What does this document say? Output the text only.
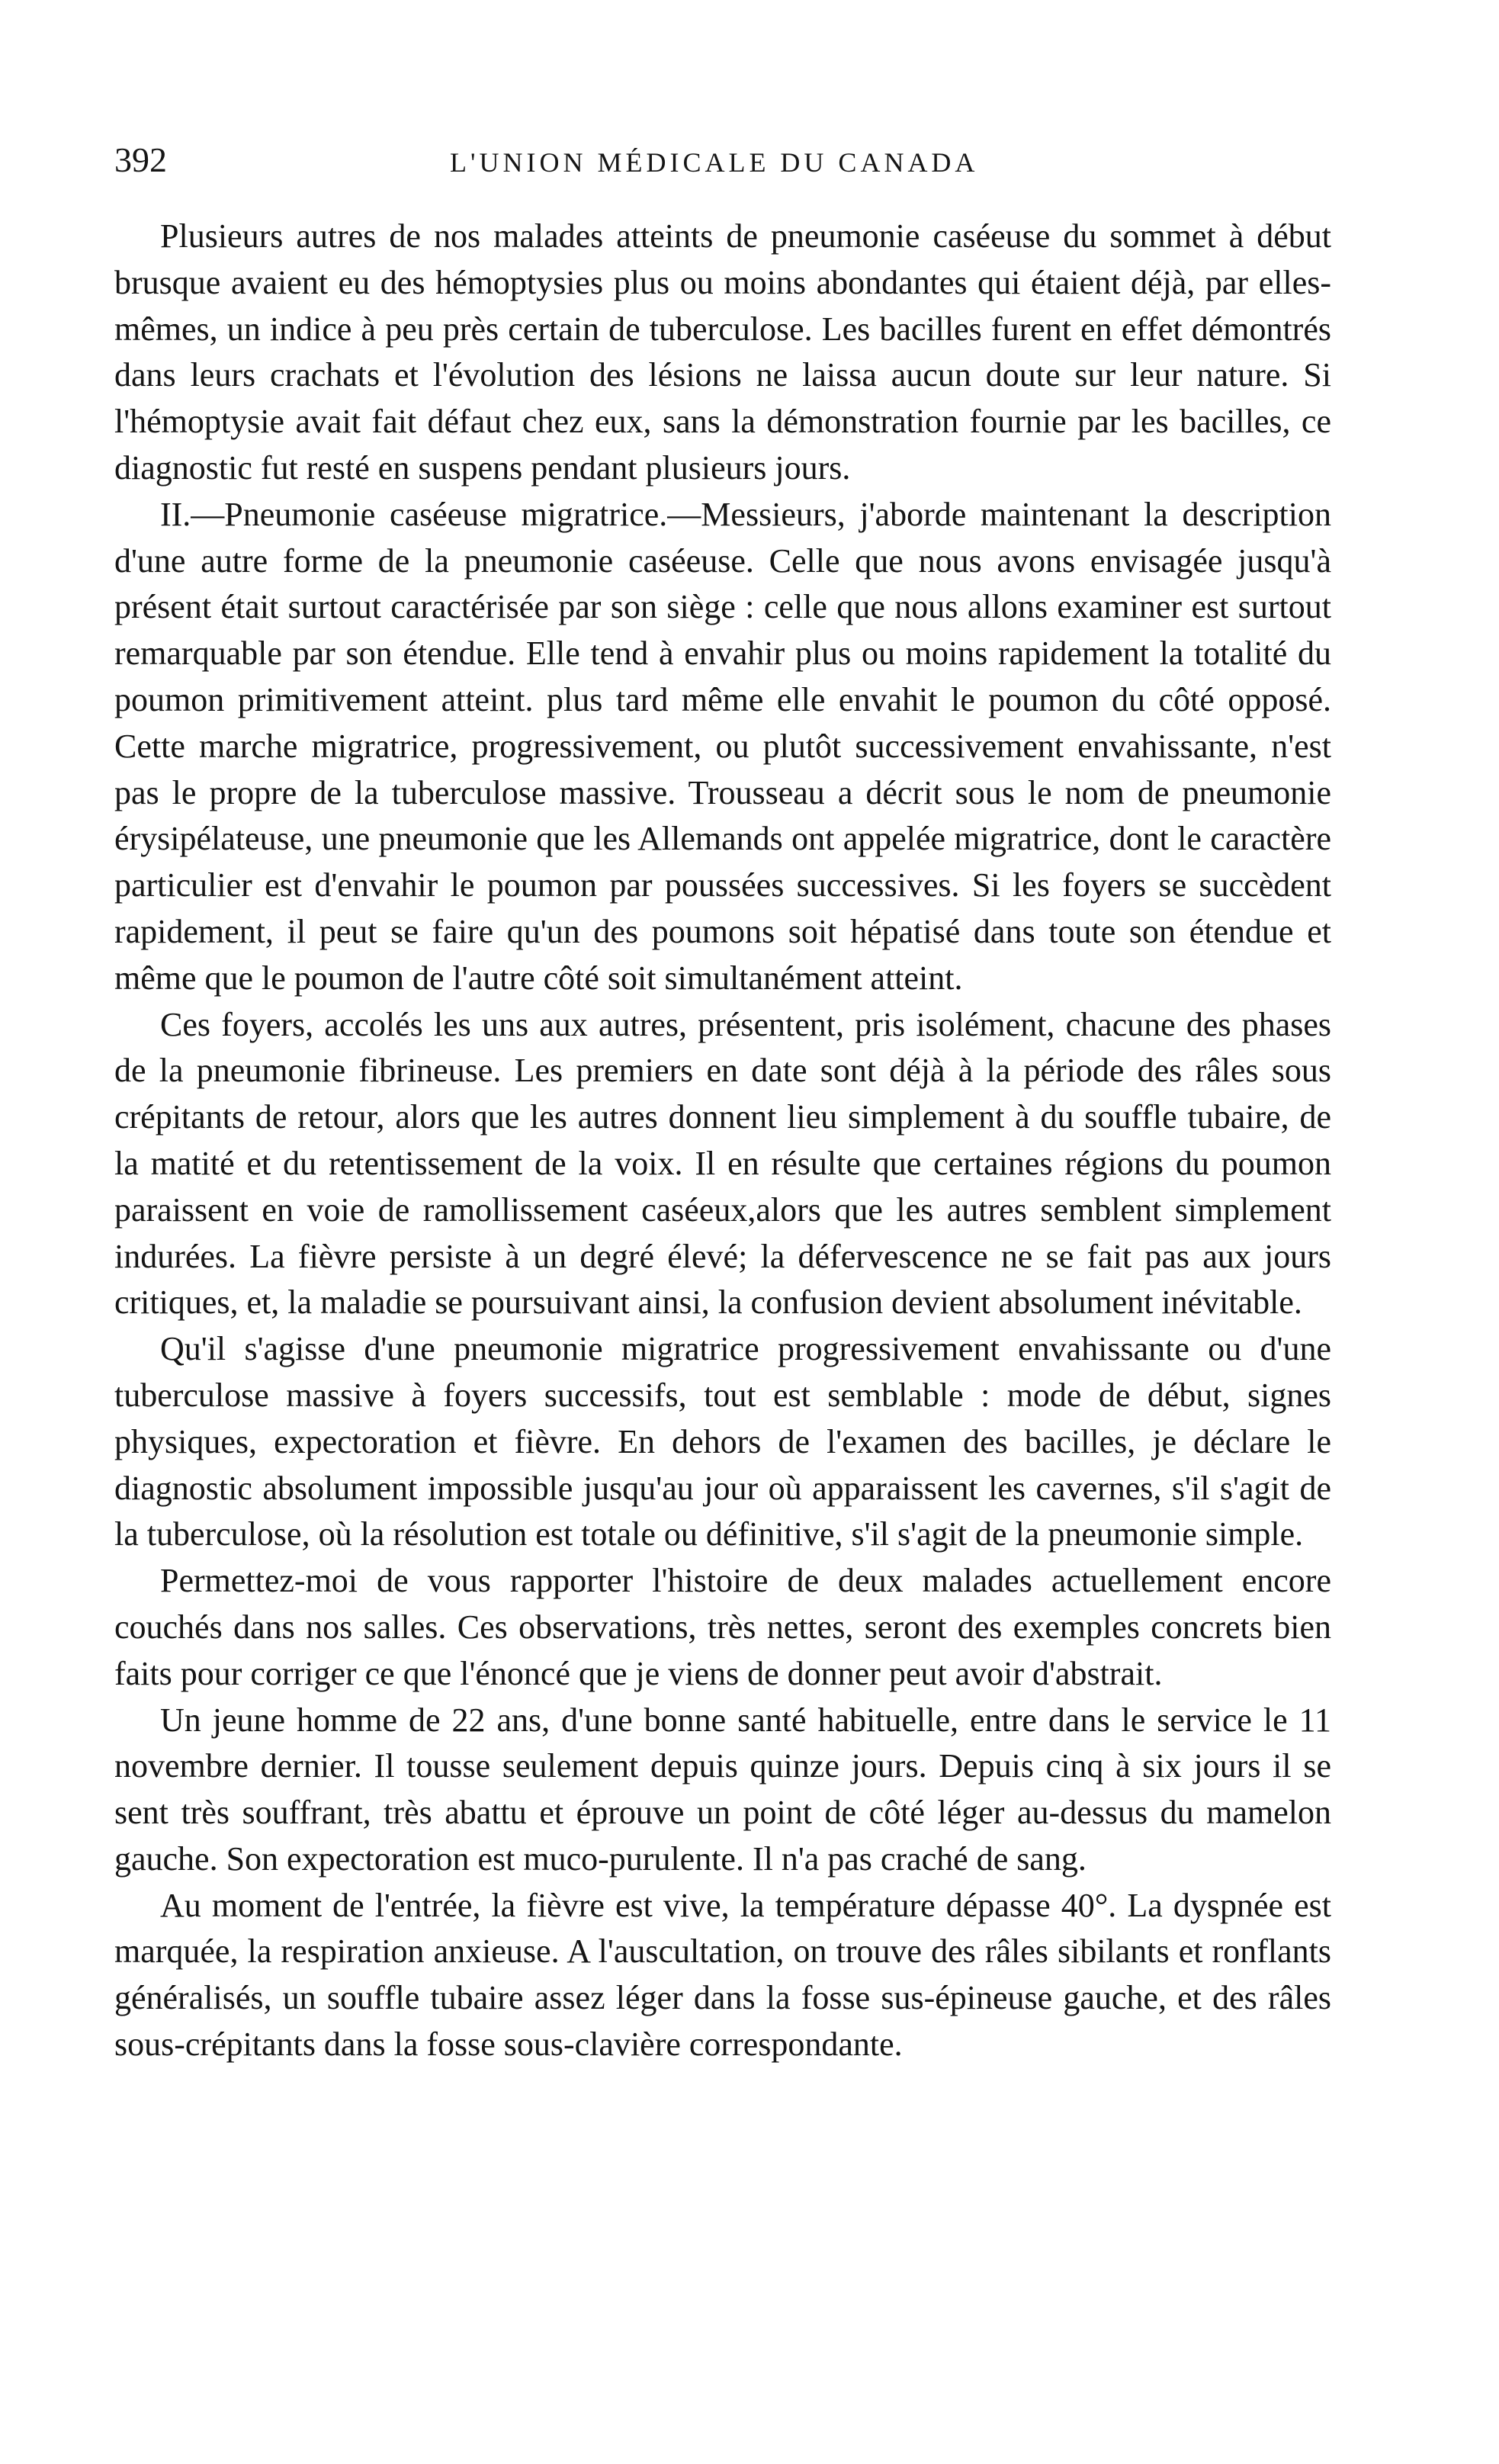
392	L'UNION MÉDICALE DU CANADA

Plusieurs autres de nos malades atteints de pneumonie caséeuse du sommet à début brusque avaient eu des hémoptysies plus ou moins abondantes qui étaient déjà, par elles-mêmes, un indice à peu près certain de tuberculose. Les bacilles furent en effet démontrés dans leurs crachats et l'évolution des lésions ne laissa aucun doute sur leur nature. Si l'hémoptysie avait fait défaut chez eux, sans la démonstration fournie par les bacilles, ce diagnostic fut resté en suspens pendant plusieurs jours.

II.—Pneumonie caséeuse migratrice.—Messieurs, j'aborde maintenant la description d'une autre forme de la pneumonie caséeuse. Celle que nous avons envisagée jusqu'à présent était surtout caractérisée par son siège : celle que nous allons examiner est surtout remarquable par son étendue. Elle tend à envahir plus ou moins rapidement la totalité du poumon primitivement atteint. plus tard même elle envahit le poumon du côté opposé. Cette marche migratrice, progressivement, ou plutôt successivement envahissante, n'est pas le propre de la tuberculose massive. Trousseau a décrit sous le nom de pneumonie érysipélateuse, une pneumonie que les Allemands ont appelée migratrice, dont le caractère particulier est d'envahir le poumon par poussées successives. Si les foyers se succèdent rapidement, il peut se faire qu'un des poumons soit hépatisé dans toute son étendue et même que le poumon de l'autre côté soit simultanément atteint.

Ces foyers, accolés les uns aux autres, présentent, pris isolément, chacune des phases de la pneumonie fibrineuse. Les premiers en date sont déjà à la période des râles sous crépitants de retour, alors que les autres donnent lieu simplement à du souffle tubaire, de la matité et du retentissement de la voix. Il en résulte que certaines régions du poumon paraissent en voie de ramollissement caséeux,alors que les autres semblent simplement indurées. La fièvre persiste à un degré élevé; la défervescence ne se fait pas aux jours critiques, et, la maladie se poursuivant ainsi, la confusion devient absolument inévitable.

Qu'il s'agisse d'une pneumonie migratrice progressivement envahissante ou d'une tuberculose massive à foyers successifs, tout est semblable : mode de début, signes physiques, expectoration et fièvre. En dehors de l'examen des bacilles, je déclare le diagnostic absolument impossible jusqu'au jour où apparaissent les cavernes, s'il s'agit de la tuberculose, où la résolution est totale ou définitive, s'il s'agit de la pneumonie simple.

Permettez-moi de vous rapporter l'histoire de deux malades actuellement encore couchés dans nos salles. Ces observations, très nettes, seront des exemples concrets bien faits pour corriger ce que l'énoncé que je viens de donner peut avoir d'abstrait.

Un jeune homme de 22 ans, d'une bonne santé habituelle, entre dans le service le 11 novembre dernier. Il tousse seulement depuis quinze jours. Depuis cinq à six jours il se sent très souffrant, très abattu et éprouve un point de côté léger au-dessus du mamelon gauche. Son expectoration est muco-purulente. Il n'a pas craché de sang.

Au moment de l'entrée, la fièvre est vive, la température dépasse 40°. La dyspnée est marquée, la respiration anxieuse. A l'auscultation, on trouve des râles sibilants et ronflants généralisés, un souffle tubaire assez léger dans la fosse sus-épineuse gauche, et des râles sous-crépitants dans la fosse sous-clavière correspondante.
